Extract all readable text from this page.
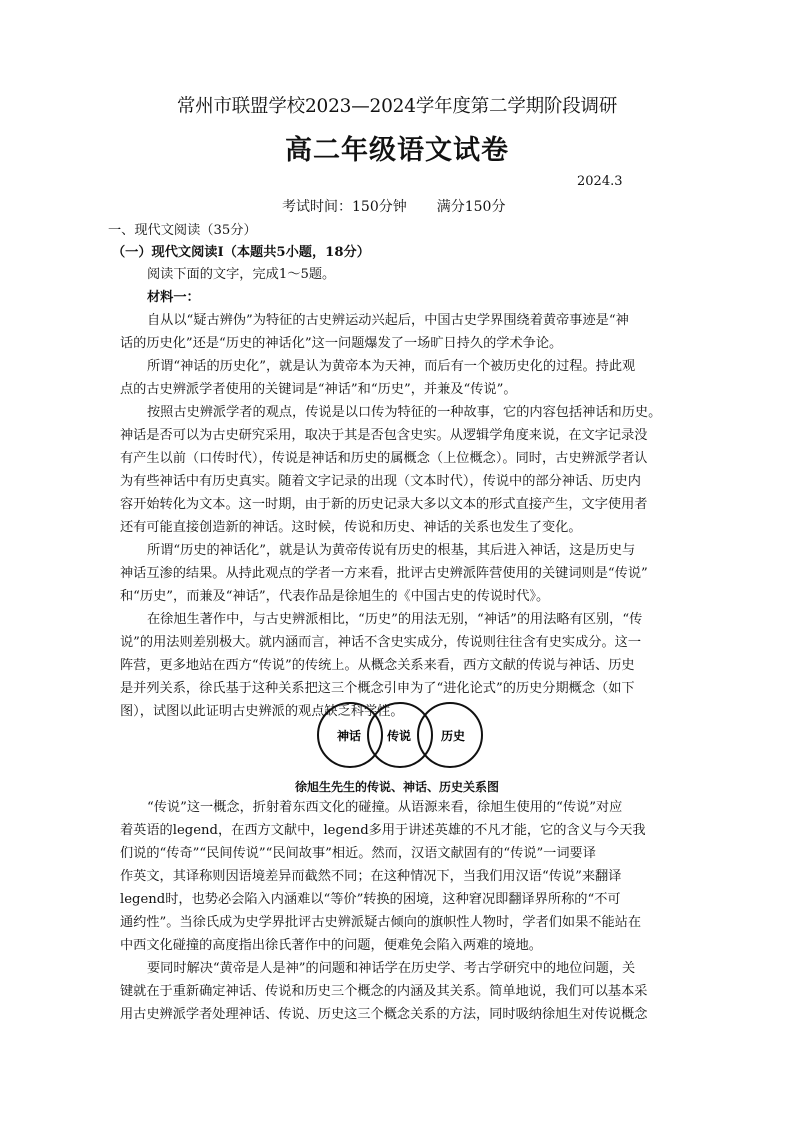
常州市联盟学校2023—2024学年度第二学期阶段调研
高二年级语文试卷
2024.3
考试时间：150分钟 满分150分
一、现代文阅读（35分）
（一）现代文阅读Ⅰ（本题共5小题，18分）
阅读下面的文字，完成1～5题。
材料一：
自从以“疑古辨伪”为特征的古史辨运动兴起后，中国古史学界围绕着黄帝事迹是“神
话的历史化”还是“历史的神话化”这一问题爆发了一场旷日持久的学术争论。
所谓“神话的历史化”，就是认为黄帝本为天神，而后有一个被历史化的过程。持此观
点的古史辨派学者使用的关键词是“神话”和“历史”，并兼及“传说”。
按照古史辨派学者的观点，传说是以口传为特征的一种故事，它的内容包括神话和历史。
神话是否可以为古史研究采用，取决于其是否包含史实。从逻辑学角度来说，在文字记录没
有产生以前（口传时代），传说是神话和历史的属概念（上位概念）。同时，古史辨派学者认
为有些神话中有历史真实。随着文字记录的出现（文本时代），传说中的部分神话、历史内
容开始转化为文本。这一时期，由于新的历史记录大多以文本的形式直接产生，文字使用者
还有可能直接创造新的神话。这时候，传说和历史、神话的关系也发生了变化。
所谓“历史的神话化”，就是认为黄帝传说有历史的根基，其后进入神话，这是历史与
神话互渗的结果。从持此观点的学者一方来看，批评古史辨派阵营使用的关键词则是“传说”
和“历史”，而兼及“神话”，代表作品是徐旭生的《中国古史的传说时代》。
在徐旭生著作中，与古史辨派相比，“历史”的用法无别，“神话”的用法略有区别，“传
说”的用法则差别极大。就内涵而言，神话不含史实成分，传说则往往含有史实成分。这一
阵营，更多地站在西方“传说”的传统上。从概念关系来看，西方文献的传说与神话、历史
是并列关系，徐氏基于这种关系把这三个概念引申为了“进化论式”的历史分期概念（如下
图），试图以此证明古史辨派的观点缺乏科学性。
神话 传说 历史
徐旭生先生的传说、神话、历史关系图
“传说”这一概念，折射着东西文化的碰撞。从语源来看，徐旭生使用的“传说”对应
着英语的legend，在西方文献中，legend多用于讲述英雄的不凡才能，它的含义与今天我
们说的“传奇”“民间传说”“民间故事”相近。然而，汉语文献固有的“传说”一词要译
作英文，其译称则因语境差异而截然不同；在这种情况下，当我们用汉语“传说”来翻译
legend时，也势必会陷入内涵难以“等价”转换的困境，这种窘况即翻译界所称的“不可
通约性”。当徐氏成为史学界批评古史辨派疑古倾向的旗帜性人物时，学者们如果不能站在
中西文化碰撞的高度指出徐氏著作中的问题，便难免会陷入两难的境地。
要同时解决“黄帝是人是神”的问题和神话学在历史学、考古学研究中的地位问题，关
键就在于重新确定神话、传说和历史三个概念的内涵及其关系。简单地说，我们可以基本采
用古史辨派学者处理神话、传说、历史这三个概念关系的方法，同时吸纳徐旭生对传说概念
